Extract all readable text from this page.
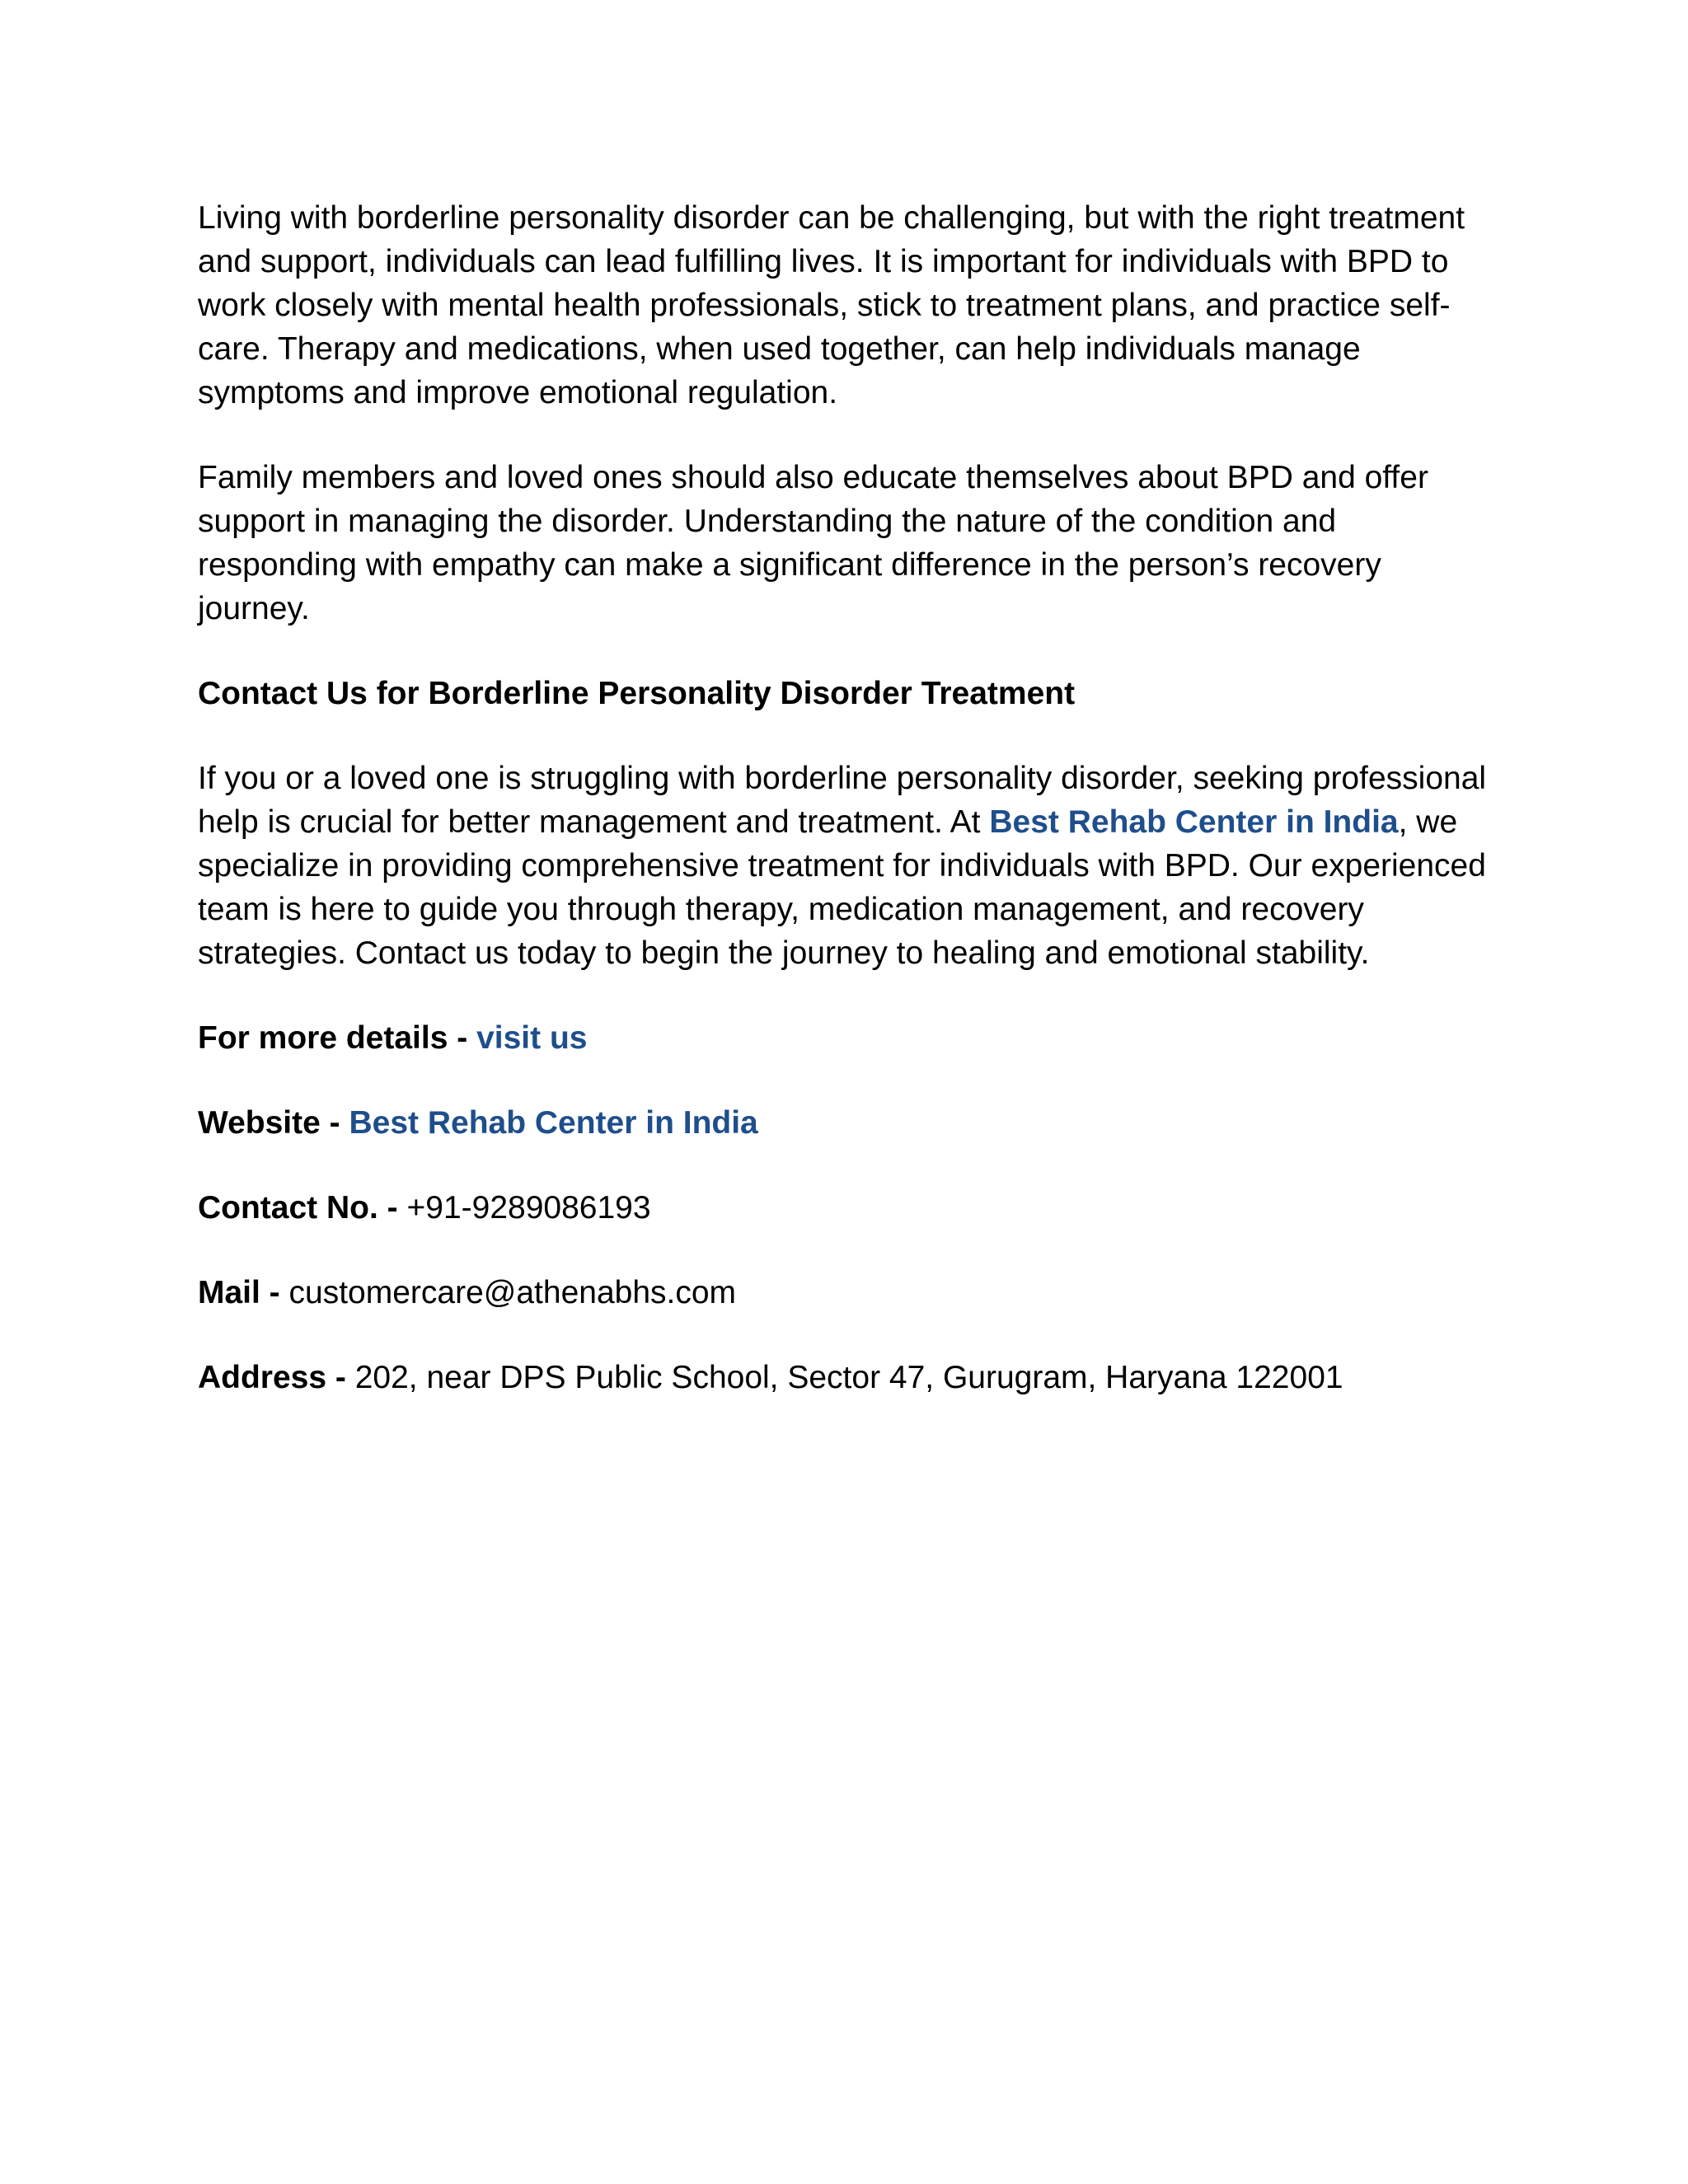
Living with borderline personality disorder can be challenging, but with the right treatment and support, individuals can lead fulfilling lives. It is important for individuals with BPD to work closely with mental health professionals, stick to treatment plans, and practice self-care. Therapy and medications, when used together, can help individuals manage symptoms and improve emotional regulation.

Family members and loved ones should also educate themselves about BPD and offer support in managing the disorder. Understanding the nature of the condition and responding with empathy can make a significant difference in the person’s recovery journey.

Contact Us for Borderline Personality Disorder Treatment

If you or a loved one is struggling with borderline personality disorder, seeking professional help is crucial for better management and treatment. At Best Rehab Center in India, we specialize in providing comprehensive treatment for individuals with BPD. Our experienced team is here to guide you through therapy, medication management, and recovery strategies. Contact us today to begin the journey to healing and emotional stability.

For more details - visit us

Website - Best Rehab Center in India

Contact No. - +91-9289086193

Mail - customercare@athenabhs.com

Address - 202, near DPS Public School, Sector 47, Gurugram, Haryana 122001
